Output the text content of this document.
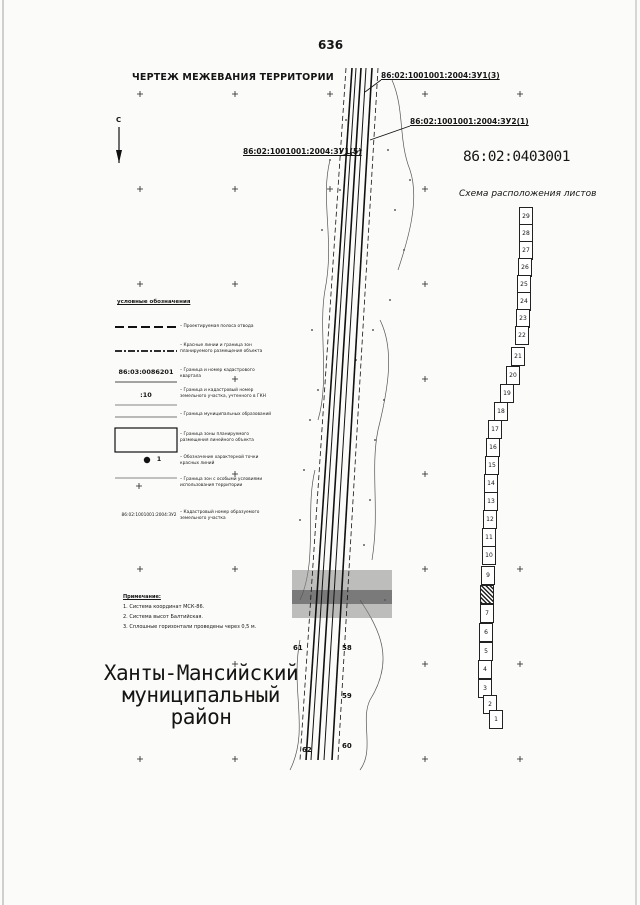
636
ЧЕРТЕЖ МЕЖЕВАНИЯ ТЕРРИТОРИИ	86:02:1001001:2004:ЗУ1(3)
86:02:1001001:2004:ЗУ2(1)
86:02:1001001:2004:ЗУ1(5)	86:02:0403001
Схема расположения листов
С
58
59
60
61
62
условные обозначения
– Проектируемая полоса отвода
– Красные линии и граница зон планируемого размещения объекта
86:03:0086201	– Граница и номер кадастрового квартала
:10
– Граница и кадастровый номер земельного участка, учтенного в ГКН
– Граница муниципальных образований
– Граница зоны планируемого размещения линейного объекта
1	– Обозначение характерной точки красных линий
– Граница зон с особыми условиями использования территории
86:02:1001001:2004:ЗУ2
– Кадастровый номер образуемого земельного участка
Примечание:
1. Система координат МСК-86.
2. Система высот Балтийская.
3. Сплошные горизонтали проведены через 0,5 м.
Ханты-Мансийский
муниципальный район
29
28
27
26
25
24
23
22
21
20
19
18
17
16
15
14
13
12
11
10
9
7
6
5
4
3
2
1
